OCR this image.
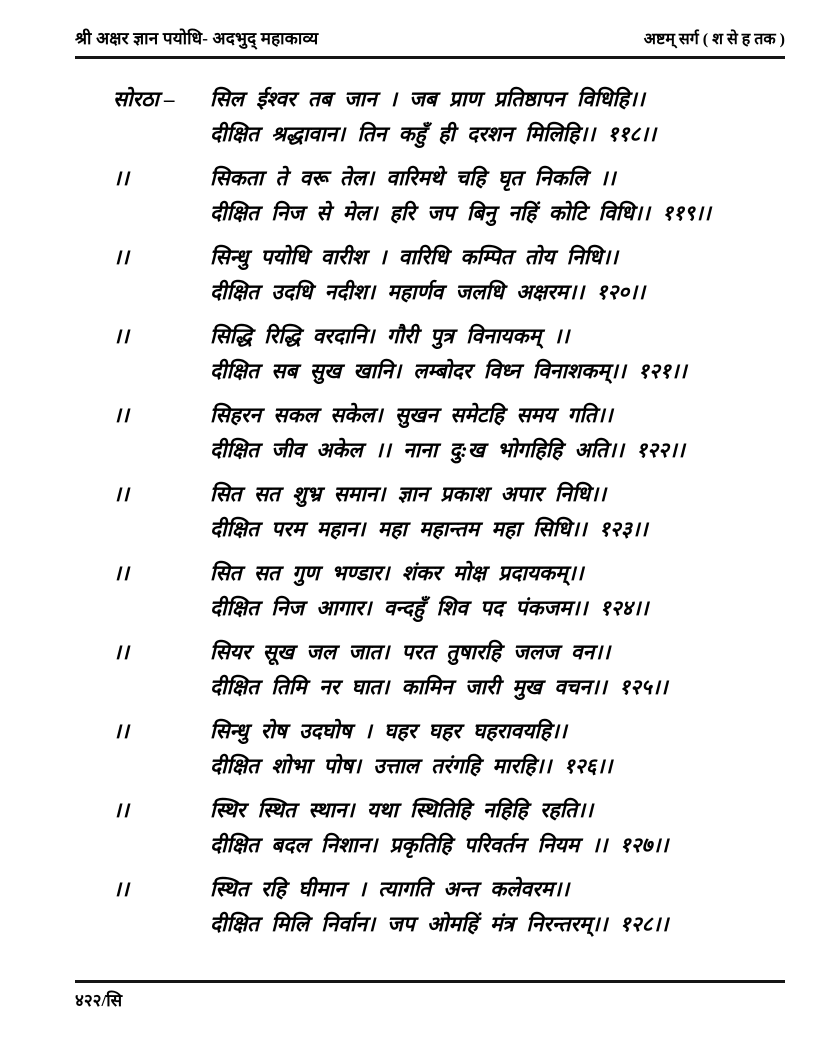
श्री अक्षर ज्ञान पयोधि- अदभुद् महाकाव्य	अष्टम् सर्ग ( श से ह तक )
सोरठा –	सिल ईश्वर तब जान । जब प्राण प्रतिष्ठापन विधिहि।।
दीक्षित श्रद्धावान। तिन कहुँ ही दरशन मिलिहि।। ११८।।
।।	सिकता ते वरू तेल। वारिमथे चहि घृत निकलि ।।
दीक्षित निज से मेल। हरि जप बिनु नहिं कोटि विधि।। ११९।।
।।	सिन्धु पयोधि वारीश । वारिधि कम्पित तोय निधि।।
दीक्षित उदधि नदीश। महार्णव जलधि अक्षरम।। १२०।।
।।	सिद्धि रिद्धि वरदानि। गौरी पुत्र विनायकम् ।।
दीक्षित सब सुख खानि। लम्बोदर विध्न विनाशकम्।। १२१।।
।।	सिहरन सकल सकेल। सुखन समेटहि समय गति।।
दीक्षित जीव अकेल ।। नाना दु:ख भोगहिहि अति।। १२२।।
।।	सित सत शुभ्र समान। ज्ञान प्रकाश अपार निधि।।
दीक्षित परम महान। महा महान्तम महा सिधि।। १२३।।
।।	सित सत गुण भण्डार। शंकर मोक्ष प्रदायकम्।।
दीक्षित निज आगार। वन्दहुँ शिव पद पंकजम।। १२४।।
।।	सियर सूख जल जात। परत तुषारहि जलज वन।।
दीक्षित तिमि नर घात। कामिन जारी मुख वचन।। १२५।।
।।	सिन्धु रोष उदघोष । घहर घहर घहरावयहि।।
दीक्षित शोभा पोष। उत्ताल तरंगहि मारहि।। १२६।।
।।	स्थिर स्थित स्थान। यथा स्थितिहि नहिहि रहति।।
दीक्षित बदल निशान। प्रकृतिहि परिवर्तन नियम ।। १२७।।
।।	स्थित रहि घीमान । त्यागति अन्त कलेवरम।।
दीक्षित मिलि निर्वान। जप ओमहिं मंत्र निरन्तरम्।। १२८।।
४२२/सि
